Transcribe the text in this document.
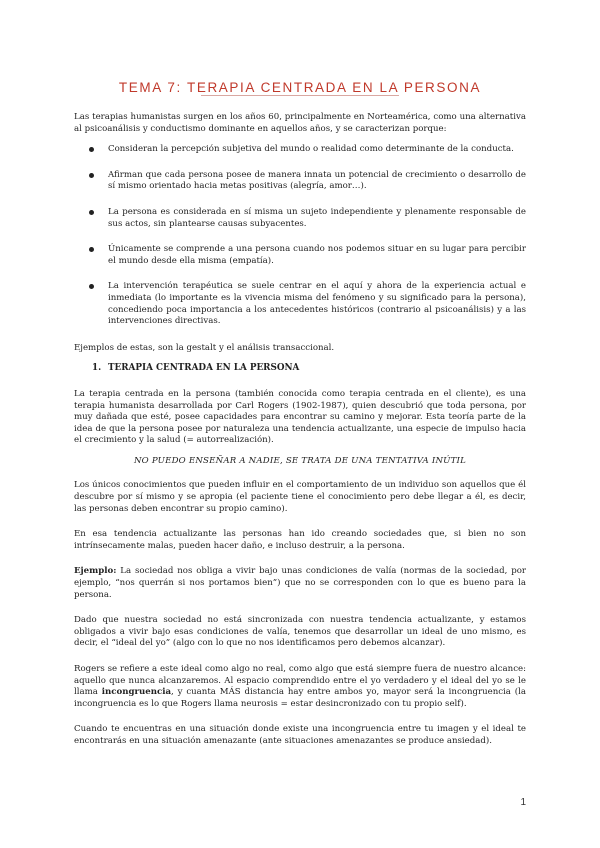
TEMA 7: TERAPIA CENTRADA EN LA PERSONA

Las terapias humanistas surgen en los años 60, principalmente en Norteamérica, como una alternativa al psicoanálisis y conductismo dominante en aquellos años, y se caracterizan porque:

Consideran la percepción subjetiva del mundo o realidad como determinante de la conducta.
Afirman que cada persona posee de manera innata un potencial de crecimiento o desarrollo de sí mismo orientado hacia metas positivas (alegría, amor…).
La persona es considerada en sí misma un sujeto independiente y plenamente responsable de sus actos, sin plantearse causas subyacentes.
Únicamente se comprende a una persona cuando nos podemos situar en su lugar para percibir el mundo desde ella misma (empatía).
La intervención terapéutica se suele centrar en el aquí y ahora de la experiencia actual e inmediata (lo importante es la vivencia misma del fenómeno y su significado para la persona), concediendo poca importancia a los antecedentes históricos (contrario al psicoanálisis) y a las intervenciones directivas.

Ejemplos de estas, son la gestalt y el análisis transaccional.

1. TERAPIA CENTRADA EN LA PERSONA

La terapia centrada en la persona (también conocida como terapia centrada en el cliente), es una terapia humanista desarrollada por Carl Rogers (1902-1987), quien descubrió que toda persona, por muy dañada que esté, posee capacidades para encontrar su camino y mejorar. Esta teoría parte de la idea de que la persona posee por naturaleza una tendencia actualizante, una especie de impulso hacia el crecimiento y la salud (= autorrealización).

NO PUEDO ENSEÑAR A NADIE, SE TRATA DE UNA TENTATIVA INÚTIL

Los únicos conocimientos que pueden influir en el comportamiento de un individuo son aquellos que él descubre por sí mismo y se apropia (el paciente tiene el conocimiento pero debe llegar a él, es decir, las personas deben encontrar su propio camino).

En esa tendencia actualizante las personas han ido creando sociedades que, si bien no son intrínsecamente malas, pueden hacer daño, e incluso destruir, a la persona.

Ejemplo: La sociedad nos obliga a vivir bajo unas condiciones de valía (normas de la sociedad, por ejemplo, “nos querrán si nos portamos bien”) que no se corresponden con lo que es bueno para la persona.

Dado que nuestra sociedad no está sincronizada con nuestra tendencia actualizante, y estamos obligados a vivir bajo esas condiciones de valía, tenemos que desarrollar un ideal de uno mismo, es decir, el “ideal del yo” (algo con lo que no nos identificamos pero debemos alcanzar).

Rogers se refiere a este ideal como algo no real, como algo que está siempre fuera de nuestro alcance: aquello que nunca alcanzaremos. Al espacio comprendido entre el yo verdadero y el ideal del yo se le llama incongruencia, y cuanta MÁS distancia hay entre ambos yo, mayor será la incongruencia (la incongruencia es lo que Rogers llama neurosis = estar desincronizado con tu propio self).

Cuando te encuentras en una situación donde existe una incongruencia entre tu imagen y el ideal te encontrarás en una situación amenazante (ante situaciones amenazantes se produce ansiedad).

1
